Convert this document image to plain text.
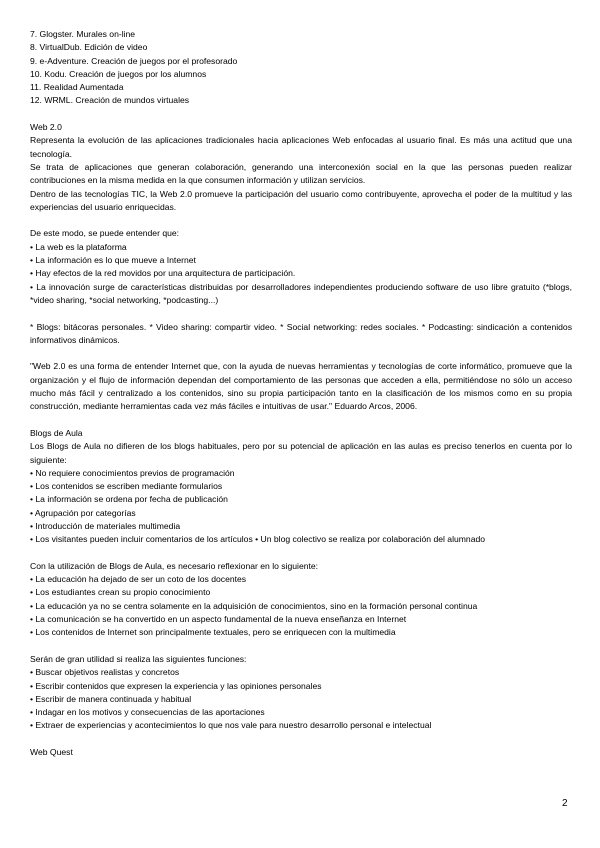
7. Glogster. Murales on-line
8. VirtualDub. Edición de video
9. e-Adventure. Creación de juegos por el profesorado
10. Kodu. Creación de juegos por los alumnos
11. Realidad Aumentada
12. WRML. Creación de mundos virtuales
Web 2.0
Representa la evolución de las aplicaciones tradicionales hacia aplicaciones Web enfocadas al usuario final. Es más una actitud que una tecnología.
Se trata de aplicaciones que generan colaboración, generando una interconexión social en la que las personas pueden realizar contribuciones en la misma medida en la que consumen información y utilizan servicios.
Dentro de las tecnologías TIC, la Web 2.0 promueve la participación del usuario como contribuyente, aprovecha el poder de la multitud y las experiencias del usuario enriquecidas.
De este modo, se puede entender que:
• La web es la plataforma
• La información es lo que mueve a Internet
• Hay efectos de la red movidos por una arquitectura de participación.
• La innovación surge de características distribuidas por desarrolladores independientes produciendo software de uso libre gratuito (*blogs, *video sharing, *social networking, *podcasting...)
* Blogs: bitácoras personales. * Video sharing: compartir video. * Social networking: redes sociales. * Podcasting: sindicación a contenidos informativos dinámicos.
"Web 2.0 es una forma de entender Internet que, con la ayuda de nuevas herramientas y tecnologías de corte informático, promueve que la organización y el flujo de información dependan del comportamiento de las personas que acceden a ella, permitiéndose no sólo un acceso mucho más fácil y centralizado a los contenidos, sino su propia participación tanto en la clasificación de los mismos como en su propia construcción, mediante herramientas cada vez más fáciles e intuitivas de usar." Eduardo Arcos, 2006.
Blogs de Aula
Los Blogs de Aula no difieren de los blogs habituales, pero por su potencial de aplicación en las aulas es preciso tenerlos en cuenta por lo siguiente:
• No requiere conocimientos previos de programación
• Los contenidos se escriben mediante formularios
• La información se ordena por fecha de publicación
• Agrupación por categorías
• Introducción de materiales multimedia
• Los visitantes pueden incluir comentarios de los artículos • Un blog colectivo se realiza por colaboración del alumnado
Con la utilización de Blogs de Aula, es necesario reflexionar en lo siguiente:
• La educación ha dejado de ser un coto de los docentes
• Los estudiantes crean su propio conocimiento
• La educación ya no se centra solamente en la adquisición de conocimientos, sino en la formación personal continua
• La comunicación se ha convertido en un aspecto fundamental de la nueva enseñanza en Internet
• Los contenidos de Internet son principalmente textuales, pero se enriquecen con la multimedia
Serán de gran utilidad si realiza las siguientes funciones:
• Buscar objetivos realistas y concretos
• Escribir contenidos que expresen la experiencia y las opiniones personales
• Escribir de manera continuada y habitual
• Indagar en los motivos y consecuencias de las aportaciones
• Extraer de experiencias y acontecimientos lo que nos vale para nuestro desarrollo personal e intelectual
Web Quest
2
